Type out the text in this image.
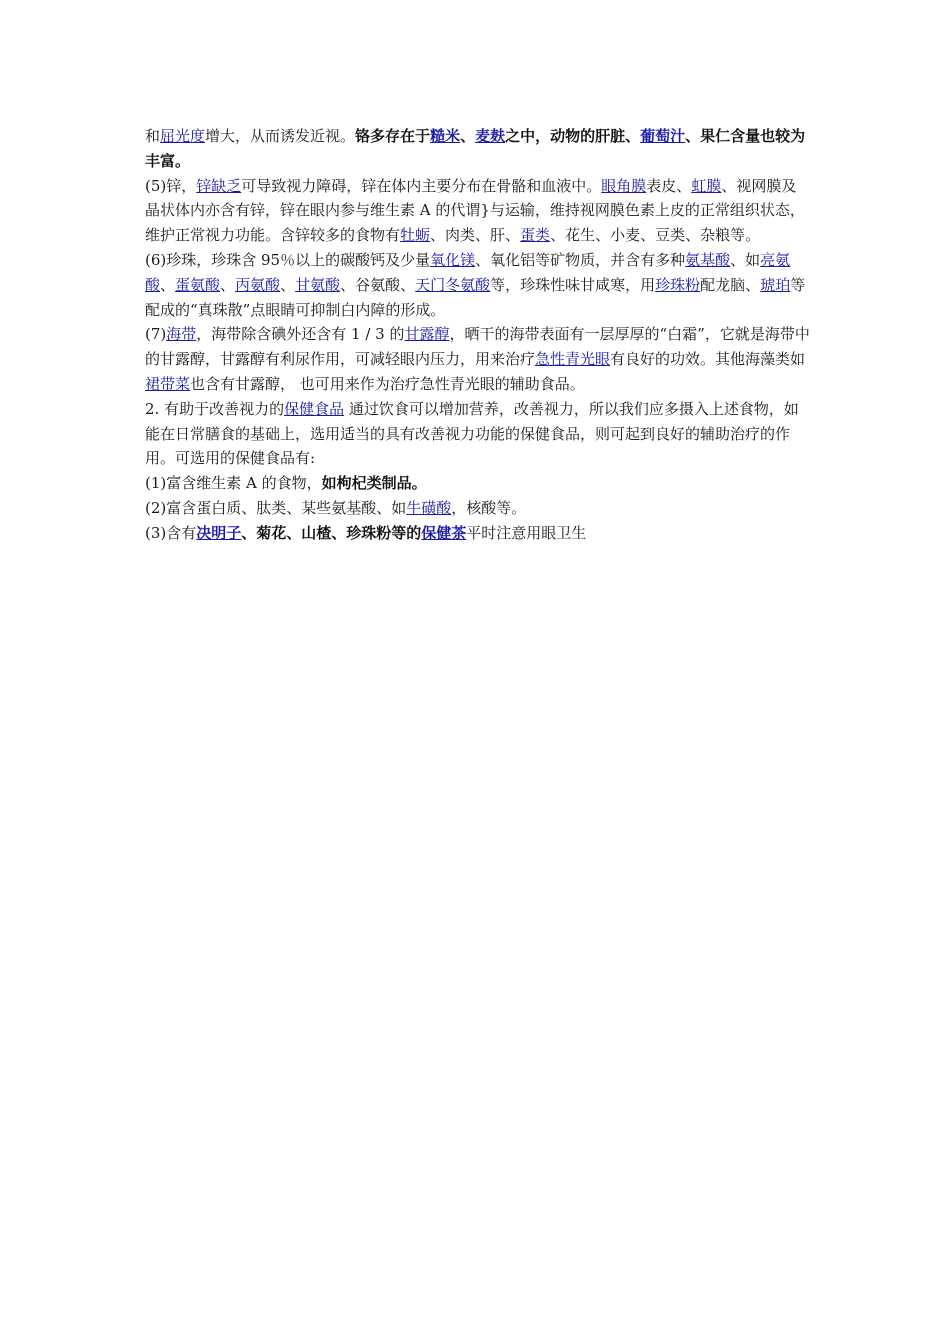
和屈光度增大，从而诱发近视。铬多存在于糙米、麦麸之中，动物的肝脏、葡萄汁、果仁含量也较为丰富。

(5)锌，锌缺乏可导致视力障碍，锌在体内主要分布在骨骼和血液中。眼角膜表皮、虹膜、视网膜及晶状体内亦含有锌，锌在眼内参与维生素 A 的代谓}与运输，维持视网膜色素上皮的正常组织状态，维护正常视力功能。含锌较多的食物有牡蛎、肉类、肝、蛋类、花生、小麦、豆类、杂粮等。

(6)珍珠，珍珠含 95％以上的碳酸钙及少量氧化镁、氧化铝等矿物质，并含有多种氨基酸、如亮氨酸、蛋氨酸、丙氨酸、甘氨酸、谷氨酸、天门冬氨酸等，珍珠性味甘咸寒，用珍珠粉配龙脑、琥珀等配成的“真珠散”点眼睛可抑制白内障的形成。

(7)海带，海带除含碘外还含有 1 / 3 的甘露醇，晒干的海带表面有一层厚厚的“白霜”，它就是海带中的甘露醇，甘露醇有利尿作用，可减轻眼内压力，用来治疗急性青光眼有良好的功效。其他海藻类如裙带菜也含有甘露醇， 也可用来作为治疗急性青光眼的辅助食品。

2. 有助于改善视力的保健食品 通过饮食可以增加营养，改善视力，所以我们应多摄入上述食物，如能在日常膳食的基础上，选用适当的具有改善视力功能的保健食品，则可起到良好的辅助治疗的作用。可选用的保健食品有:

(1)富含维生素 A 的食物，如枸杞类制品。

(2)富含蛋白质、肽类、某些氨基酸、如牛磺酸，核酸等。

(3)含有决明子、菊花、山楂、珍珠粉等的保健茶平时注意用眼卫生
